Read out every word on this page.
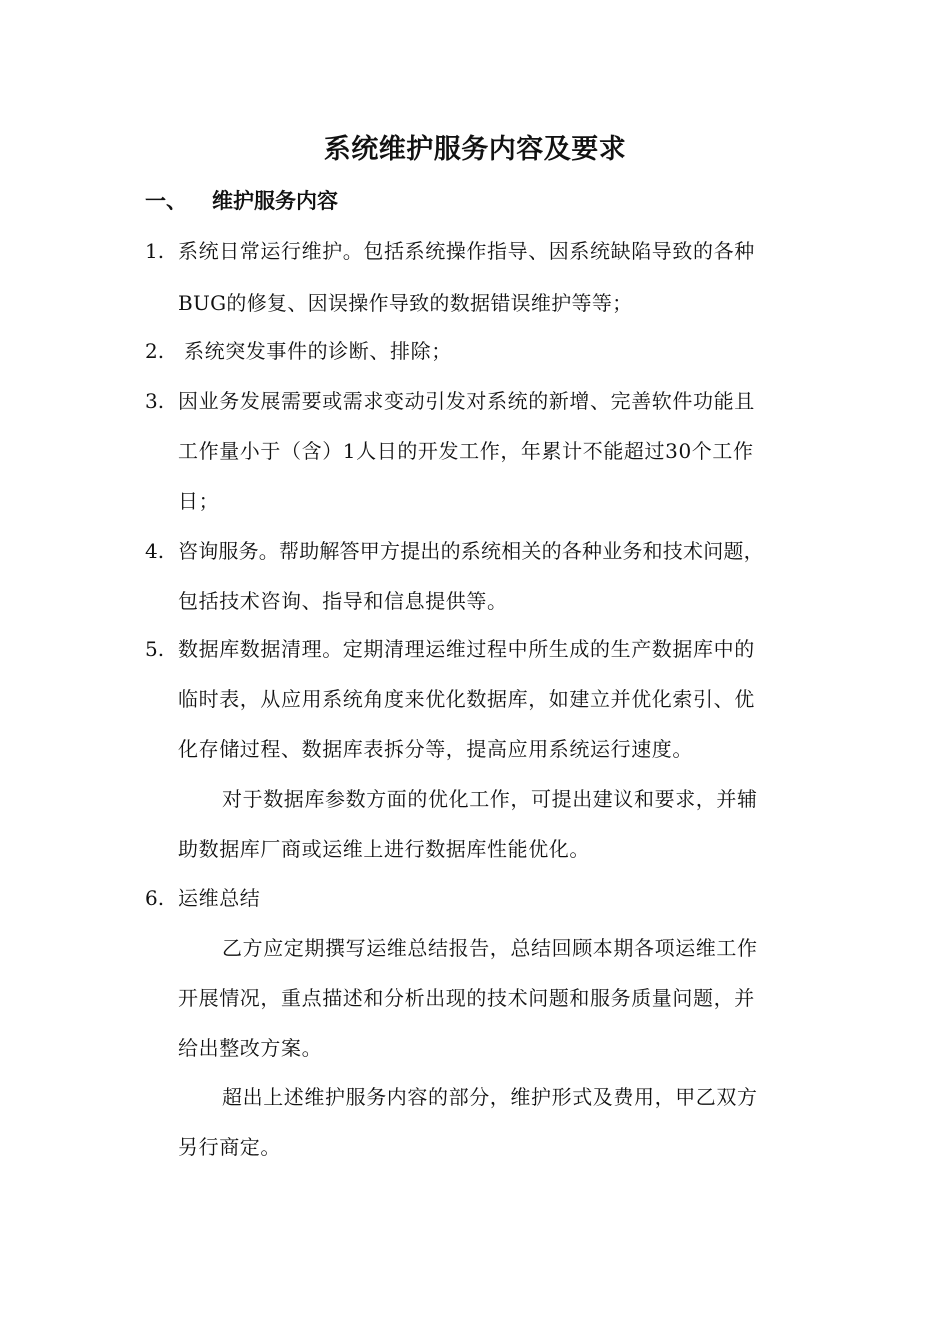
系统维护服务内容及要求
一、 维护服务内容
1. 系统日常运行维护。包括系统操作指导、因系统缺陷导致的各种
BUG的修复、因误操作导致的数据错误维护等等；
2. 系统突发事件的诊断、排除；
3. 因业务发展需要或需求变动引发对系统的新增、完善软件功能且
工作量小于（含）1人日的开发工作，年累计不能超过30个工作
日；
4. 咨询服务。帮助解答甲方提出的系统相关的各种业务和技术问题，
包括技术咨询、指导和信息提供等。
5. 数据库数据清理。定期清理运维过程中所生成的生产数据库中的
临时表，从应用系统角度来优化数据库，如建立并优化索引、优
化存储过程、数据库表拆分等，提高应用系统运行速度。
对于数据库参数方面的优化工作，可提出建议和要求，并辅
助数据库厂商或运维上进行数据库性能优化。
6. 运维总结
乙方应定期撰写运维总结报告，总结回顾本期各项运维工作
开展情况，重点描述和分析出现的技术问题和服务质量问题，并
给出整改方案。
超出上述维护服务内容的部分，维护形式及费用，甲乙双方
另行商定。
